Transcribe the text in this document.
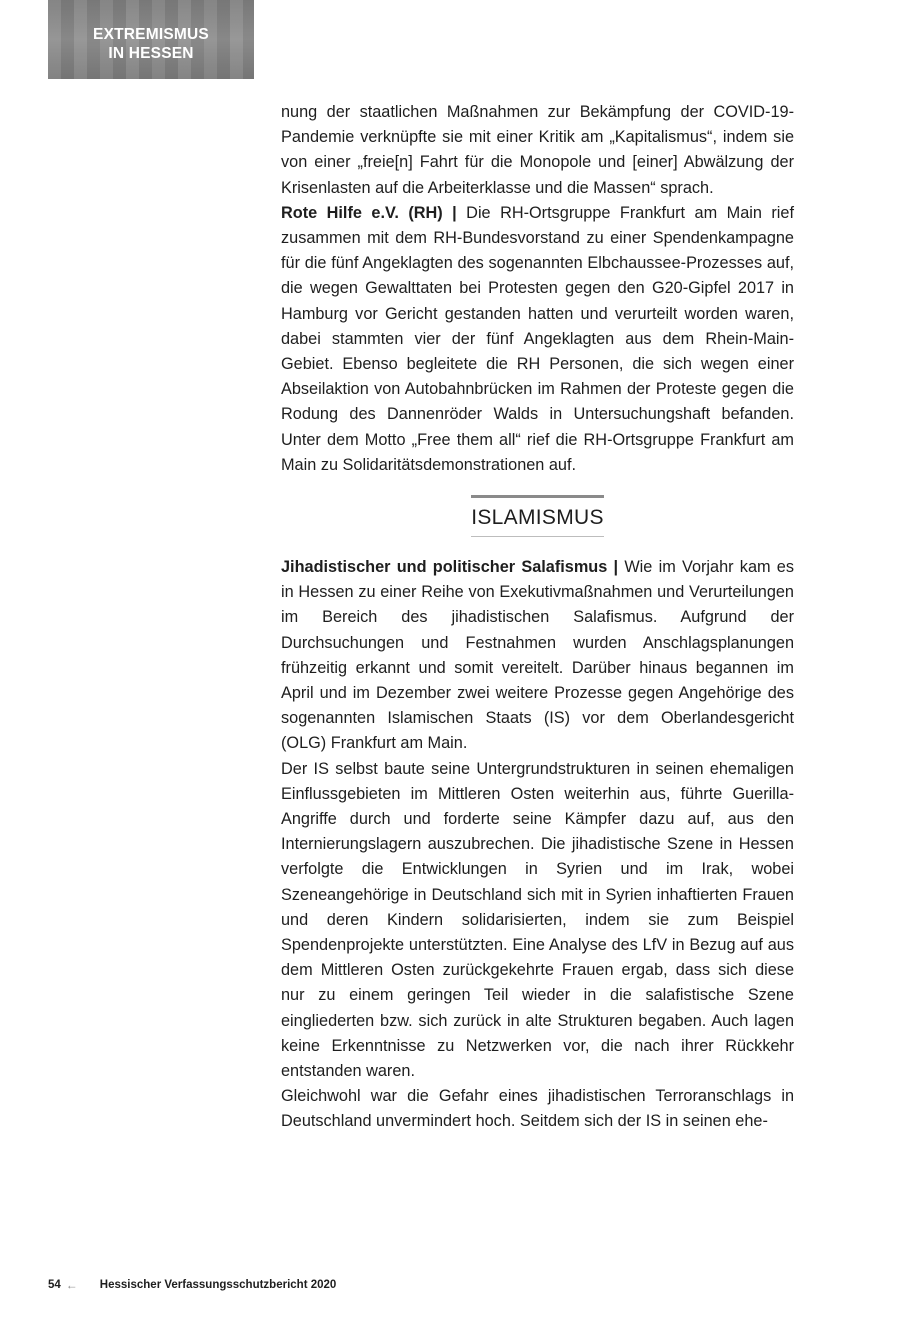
EXTREMISMUS
IN HESSEN

nung der staatlichen Maßnahmen zur Bekämpfung der COVID-19-Pandemie verknüpfte sie mit einer Kritik am „Kapitalismus“, indem sie von einer „freie[n] Fahrt für die Monopole und [einer] Abwälzung der Krisenlasten auf die Arbeiterklasse und die Massen“ sprach.

Rote Hilfe e.V. (RH) | Die RH-Ortsgruppe Frankfurt am Main rief zusammen mit dem RH-Bundesvorstand zu einer Spendenkampagne für die fünf Angeklagten des sogenannten Elbchaussee-Prozesses auf, die wegen Gewalttaten bei Protesten gegen den G20-Gipfel 2017 in Hamburg vor Gericht gestanden hatten und verurteilt worden waren, dabei stammten vier der fünf Angeklagten aus dem Rhein-Main-Gebiet. Ebenso begleitete die RH Personen, die sich wegen einer Abseilaktion von Autobahnbrücken im Rahmen der Proteste gegen die Rodung des Dannenröder Walds in Untersuchungshaft befanden. Unter dem Motto „Free them all“ rief die RH-Ortsgruppe Frankfurt am Main zu Solidaritätsdemonstrationen auf.

ISLAMISMUS

Jihadistischer und politischer Salafismus | Wie im Vorjahr kam es in Hessen zu einer Reihe von Exekutivmaßnahmen und Verurteilungen im Bereich des jihadistischen Salafismus. Aufgrund der Durchsuchungen und Festnahmen wurden Anschlagsplanungen frühzeitig erkannt und somit vereitelt. Darüber hinaus begannen im April und im Dezember zwei weitere Prozesse gegen Angehörige des sogenannten Islamischen Staats (IS) vor dem Oberlandesgericht (OLG) Frankfurt am Main.

Der IS selbst baute seine Untergrundstrukturen in seinen ehemaligen Einflussgebieten im Mittleren Osten weiterhin aus, führte Guerilla-Angriffe durch und forderte seine Kämpfer dazu auf, aus den Internierungslagern auszubrechen. Die jihadistische Szene in Hessen verfolgte die Entwicklungen in Syrien und im Irak, wobei Szeneangehörige in Deutschland sich mit in Syrien inhaftierten Frauen und deren Kindern solidarisierten, indem sie zum Beispiel Spendenprojekte unterstützten. Eine Analyse des LfV in Bezug auf aus dem Mittleren Osten zurückgekehrte Frauen ergab, dass sich diese nur zu einem geringen Teil wieder in die salafistische Szene eingliederten bzw. sich zurück in alte Strukturen begaben. Auch lagen keine Erkenntnisse zu Netzwerken vor, die nach ihrer Rückkehr entstanden waren.

Gleichwohl war die Gefahr eines jihadistischen Terroranschlags in Deutschland unvermindert hoch. Seitdem sich der IS in seinen ehe-

54 ← Hessischer Verfassungsschutzbericht 2020
